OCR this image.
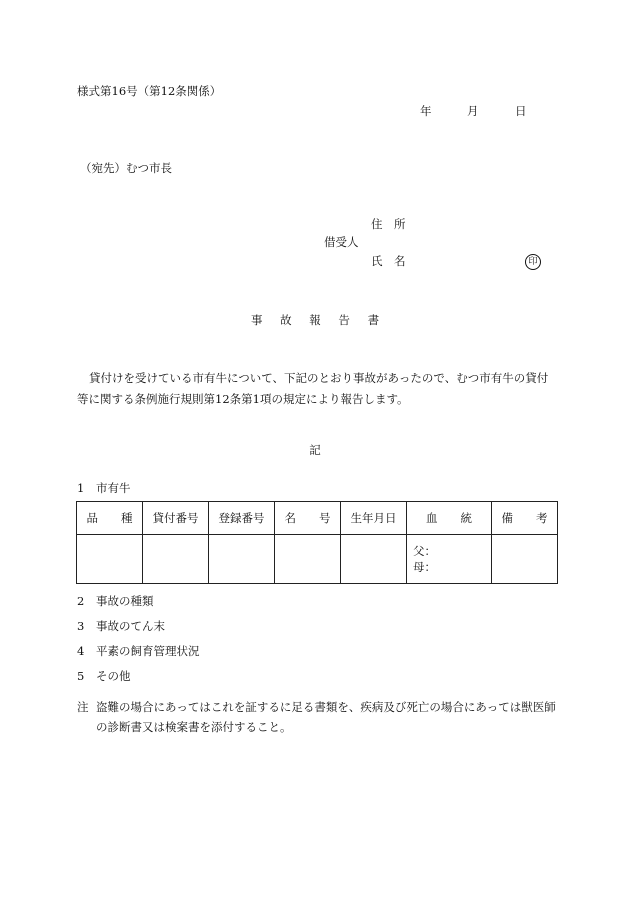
様式第16号（第12条関係）
年	月	日
（宛先）むつ市長
住　所
借受人
氏　名	印
事 故 報 告 書
貸付けを受けている市有牛について、下記のとおり事故があったので、むつ市有牛の貸付等に関する条例施行規則第12条第1項の規定により報告します。
記
1 市有牛
品　　種	貸付番号	登録番号	名　　号	生年月日	血　　統	備　　考

					父：
母：	

2 事故の種類
3 事故のてん末
4 平素の飼育管理状況
5 その他
注 盗難の場合にあってはこれを証するに足る書類を、疾病及び死亡の場合にあっては獣医師の診断書又は検案書を添付すること。
